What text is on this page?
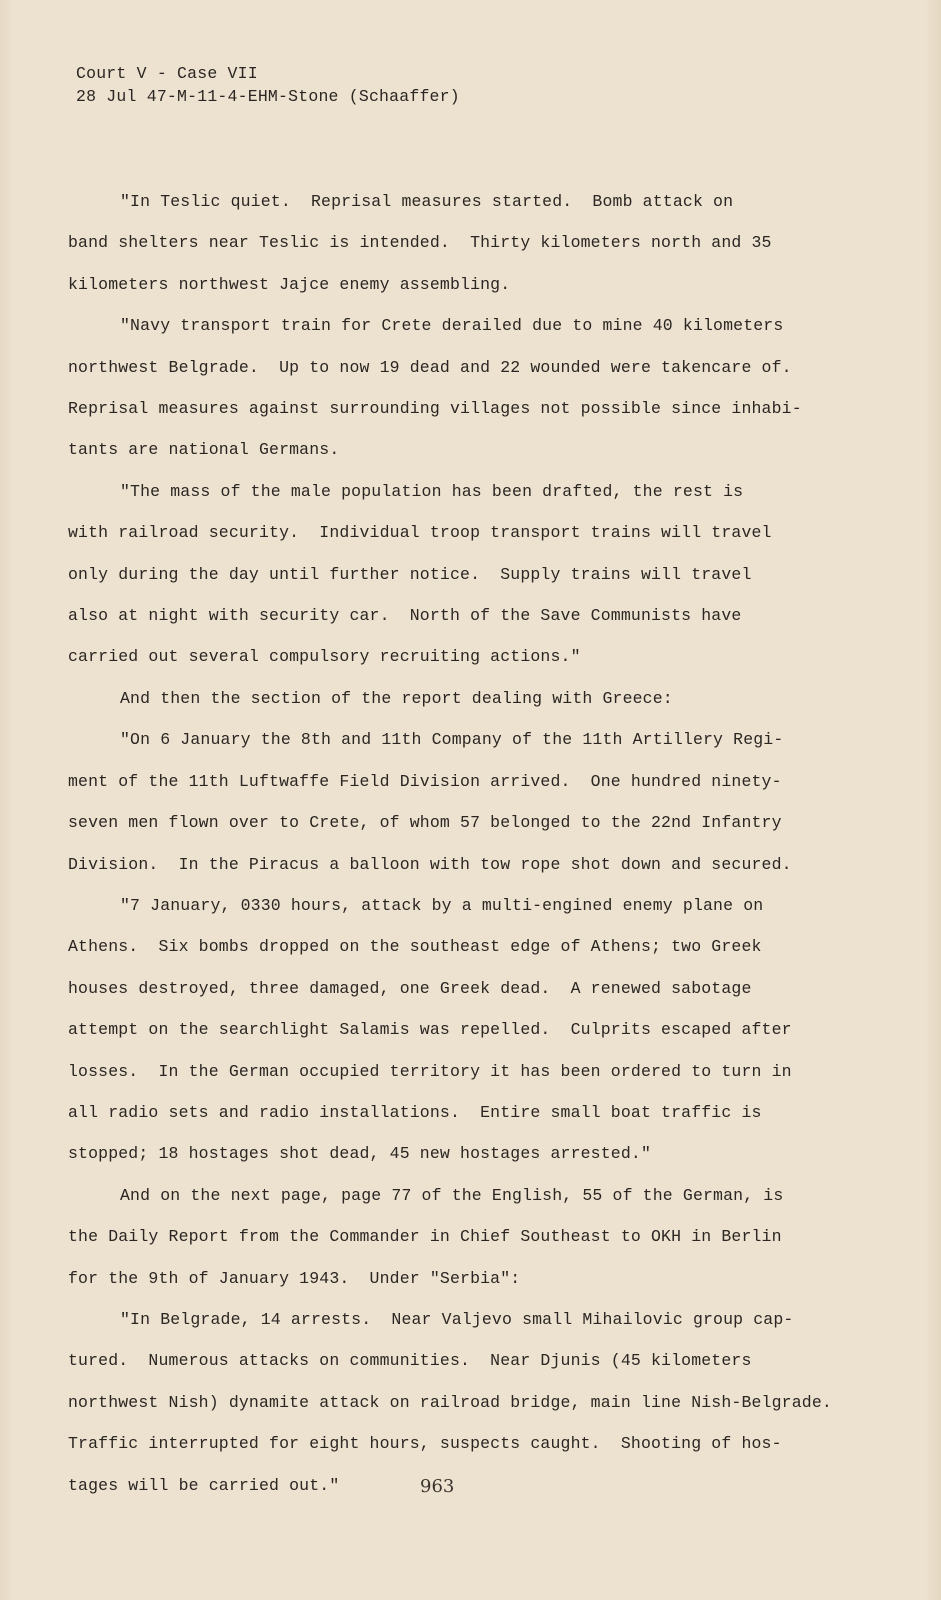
Court V - Case VII
28 Jul 47-M-11-4-EHM-Stone (Schaaffer)
"In Teslic quiet.  Reprisal measures started.  Bomb attack on
band shelters near Teslic is intended.  Thirty kilometers north and 35
kilometers northwest Jajce enemy assembling.
"Navy transport train for Crete derailed due to mine 40 kilometers
northwest Belgrade.  Up to now 19 dead and 22 wounded were takencare of.
Reprisal measures against surrounding villages not possible since inhabi-
tants are national Germans.
"The mass of the male population has been drafted, the rest is
with railroad security.  Individual troop transport trains will travel
only during the day until further notice.  Supply trains will travel
also at night with security car.  North of the Save Communists have
carried out several compulsory recruiting actions."
And then the section of the report dealing with Greece:
"On 6 January the 8th and 11th Company of the 11th Artillery Regi-
ment of the 11th Luftwaffe Field Division arrived.  One hundred ninety-
seven men flown over to Crete, of whom 57 belonged to the 22nd Infantry
Division.  In the Piracus a balloon with tow rope shot down and secured.
"7 January, 0330 hours, attack by a multi-engined enemy plane on
Athens.  Six bombs dropped on the southeast edge of Athens; two Greek
houses destroyed, three damaged, one Greek dead.  A renewed sabotage
attempt on the searchlight Salamis was repelled.  Culprits escaped after
losses.  In the German occupied territory it has been ordered to turn in
all radio sets and radio installations.  Entire small boat traffic is
stopped; 18 hostages shot dead, 45 new hostages arrested."
And on the next page, page 77 of the English, 55 of the German, is
the Daily Report from the Commander in Chief Southeast to OKH in Berlin
for the 9th of January 1943.  Under "Serbia":
"In Belgrade, 14 arrests.  Near Valjevo small Mihailovic group cap-
tured.  Numerous attacks on communities.  Near Djunis (45 kilometers
northwest Nish) dynamite attack on railroad bridge, main line Nish-Belgrade.
Traffic interrupted for eight hours, suspects caught.  Shooting of hos-
tages will be carried out."	963
